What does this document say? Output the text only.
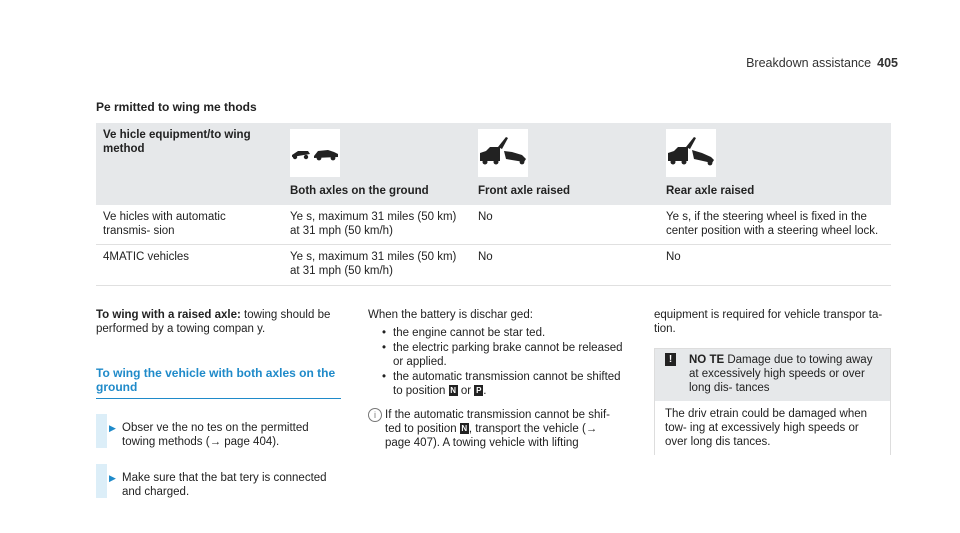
Breakdown assistance 405
Pe rmitted to wing me thods
Ve hicle equipment/to wing method	Both axles on the ground	Front axle raised	Rear axle raised

Ve hicles with automatic transmis- sion	Ye s, maximum 31 miles (50 km) at 31 mph (50 km/h)	No	Ye s, if the steering wheel is fixed in the center position with a steering wheel lock.
4MATIC vehicles	Ye s, maximum 31 miles (50 km) at 31 mph (50 km/h)	No	No
To wing with a raised axle: towing should be performed by a towing compan y.
To wing the vehicle with both axles on the ground
▶ Obser ve the no tes on the permitted towing methods (→ page 404).
▶ Make sure that the bat tery is connected and charged.
When the battery is dischar ged:
• the engine cannot be star ted.
• the electric parking brake cannot be released or applied.
• the automatic transmission cannot be shifted to position N or P .
i If the automatic transmission cannot be shif- ted to position N , transport the vehicle (→ page 407). A towing vehicle with lifting
equipment is required for vehicle transpor ta- tion.
!	NO TE Damage due to towing away at excessively high speeds or over long dis- tances
The driv etrain could be damaged when tow- ing at excessively high speeds or over long dis tances.
